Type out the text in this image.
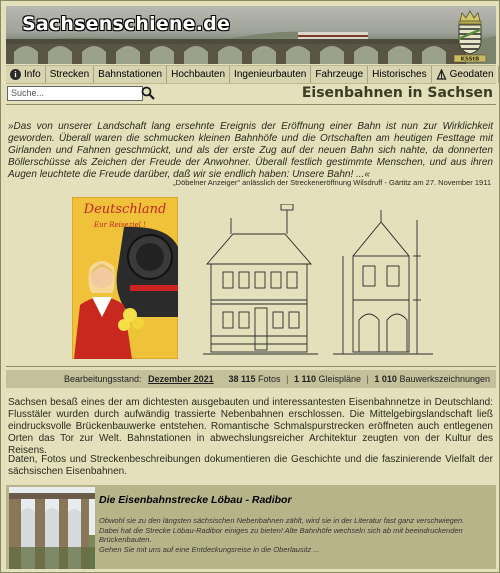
Sachsenschiene.de
KSStB
i Info Strecken Bahnstationen Hochbauten Ingenieurbauten Fahrzeuge Historisches Geodaten
Suche...	Eisenbahnen in Sachsen
»Das von unserer Landschaft lang ersehnte Ereignis der Eröffnung einer Bahn ist nun zur Wirklichkeit geworden. Überall waren die schmucken kleinen Bahnhöfe und die Ortschaften am heutigen Festtage mit Girlanden und Fahnen geschmückt, und als der erste Zug auf der neuen Bahn sich nahte, da donnerten Böllerschüsse als Zeichen der Freude der Anwohner. Überall festlich gestimmte Menschen, und aus ihren Augen leuchtete die Freude darüber, daß wir sie endlich haben: Unsere Bahn! ...«
„Döbelner Anzeiger" anlässlich der Streckeneröffnung Wilsdruff - Gärtitz am 27. November 1911
Deutschland
Eur Reiseziel !
Bearbeitungsstand: Dezember 2021 38 115 Fotos | 1 110 Gleispläne | 1 010 Bauwerkszeichnungen
Sachsen besaß eines der am dichtesten ausgebauten und interessantesten Eisenbahnnetze in Deutschland: Flusstäler wurden durch aufwändig trassierte Nebenbahnen erschlossen. Die Mittelgebirgslandschaft ließ eindrucksvolle Brückenbauwerke entstehen. Romantische Schmalspurstrecken eröffneten auch entlegenen Orten das Tor zur Welt. Bahnstationen in abwechslungsreicher Architektur zeugten von der Kultur des Reisens.
Daten, Fotos und Streckenbeschreibungen dokumentieren die Geschichte und die faszinierende Vielfalt der sächsischen Eisenbahnen.
Die Eisenbahnstrecke Löbau - Radibor
Obwohl sie zu den längsten sächsischen Nebenbahnen zählt, wird sie in der Literatur fast ganz verschwiegen.
Dabei hat die Strecke Löbau-Radibor einiges zu bieten! Alte Bahnhöfe wechseln sich ab mit beeindruckenden
Brückenbauten.
Gehen Sie mit uns auf eine Entdeckungsreise in die Oberlausitz ...
